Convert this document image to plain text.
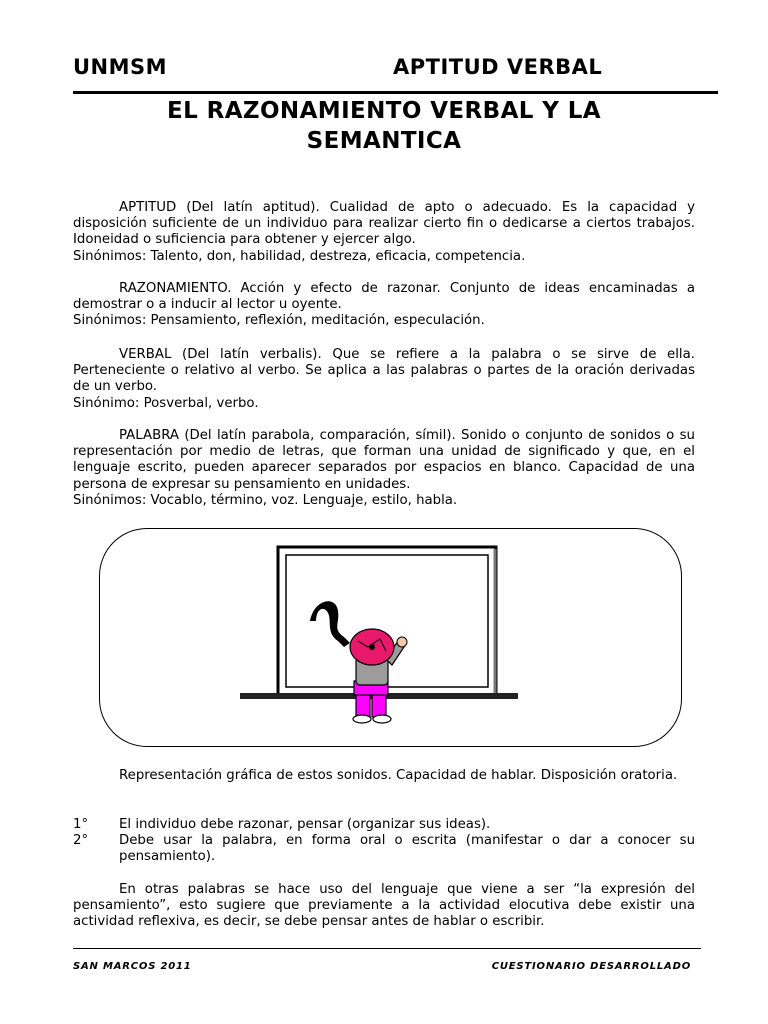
UNMSM	APTITUD VERBAL
EL RAZONAMIENTO VERBAL Y LA
SEMANTICA

APTITUD (Del latín aptitud). Cualidad de apto o adecuado. Es la capacidad y disposición suficiente de un individuo para realizar cierto fin o dedicarse a ciertos trabajos. Idoneidad o suficiencia para obtener y ejercer algo.

Sinónimos: Talento, don, habilidad, destreza, eficacia, competencia.

RAZONAMIENTO. Acción y efecto de razonar. Conjunto de ideas encaminadas a demostrar o a inducir al lector u oyente.

Sinónimos: Pensamiento, reflexión, meditación, especulación.

VERBAL (Del latín verbalis). Que se refiere a la palabra o se sirve de ella. Perteneciente o relativo al verbo. Se aplica a las palabras o partes de la oración derivadas de un verbo.

Sinónimo: Posverbal, verbo.

PALABRA (Del latín parabola, comparación, símil). Sonido o conjunto de sonidos o su representación por medio de letras, que forman una unidad de significado y que, en el lenguaje escrito, pueden aparecer separados por espacios en blanco. Capacidad de una persona de expresar su pensamiento en unidades.

Sinónimos: Vocablo, término, voz. Lenguaje, estilo, habla.

Representación gráfica de estos sonidos. Capacidad de hablar. Disposición oratoria.

1°	El individuo debe razonar, pensar (organizar sus ideas).
2°	Debe usar la palabra, en forma oral o escrita (manifestar o dar a conocer su pensamiento).

En otras palabras se hace uso del lenguaje que viene a ser “la expresión del pensamiento”, esto sugiere que previamente a la actividad elocutiva debe existir una actividad reflexiva, es decir, se debe pensar antes de hablar o escribir.

SAN MARCOS 2011	CUESTIONARIO DESARROLLADO
